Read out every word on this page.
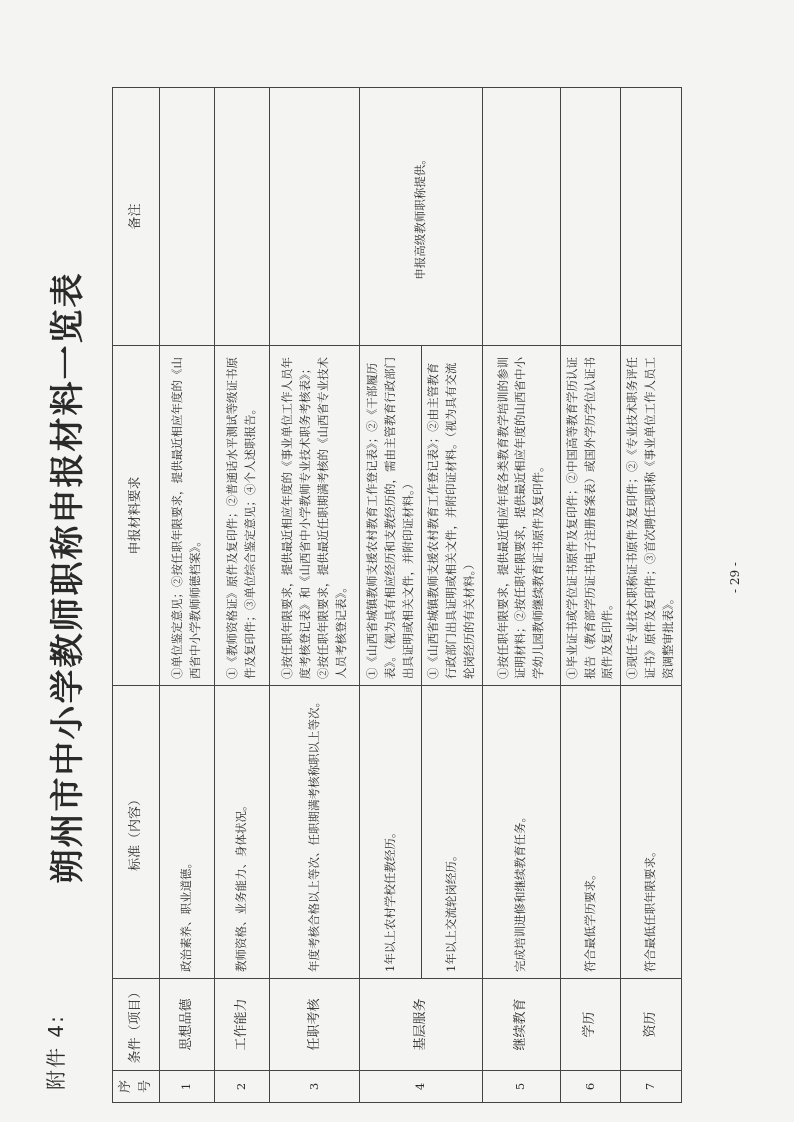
附件 4:
朔州市中小学教师职称申报材料一览表
序号	条件（项目）	标准（内容）	申报材料要求	备注
1	思想品德	政治素养、职业道德。	①单位鉴定意见；②按任职年限要求，提供最近相应年度的《山西省中小学教师师德档案》。	
2	工作能力	教师资格、业务能力、身体状况。	①《教师资格证》原件及复印件；②普通话水平测试等级证书原件及复印件；③单位综合鉴定意见；④个人述职报告。	
3	任职考核	年度考核合格以上等次、任职期满考核称职以上等次。	①按任职年限要求，提供最近相应年度的《事业单位工作人员年度考核登记表》和《山西省中小学教师专业技术职务考核表》；②按任职年限要求，提供最近任职期满考核的《山西省专业技术人员考核登记表》。	
4	基层服务	1年以上农村学校任教经历。	①《山西省城镇教师支援农村教育工作登记表》；②《干部履历表》。（视为具有相应经历和支教经历的，需由主管教育行政部门出具证明或相关文件，并附印证材料。）	申报高级教师职称提供。
		1年以上交流轮岗经历。	①《山西省城镇教师支援农村教育工作登记表》；②由主管教育行政部门出具证明或相关文件，并附印证材料。（视为具有交流轮岗经历的有关材料。）	
5	继续教育	完成培训进修和继续教育任务。	①按任职年限要求，提供最近相应年度各类教育教学培训的参训证明材料；②按任职年限要求，提供最近相应年度的山西省中小学幼儿园教师继续教育证书原件及复印件。	
6	学历	符合最低学历要求。	①毕业证书或学位证书原件及复印件；②中国高等教育学历认证报告（教育部学历证书电子注册备案表）或国外学历学位认证书原件及复印件。	
7	资历	符合最低任职年限要求。	①现任专业技术职称证书原件及复印件；②《专业技术职务评任证书》原件及复印件；③首次聘任现职称《事业单位工作人员工资调整审批表》。	
- 29 -
